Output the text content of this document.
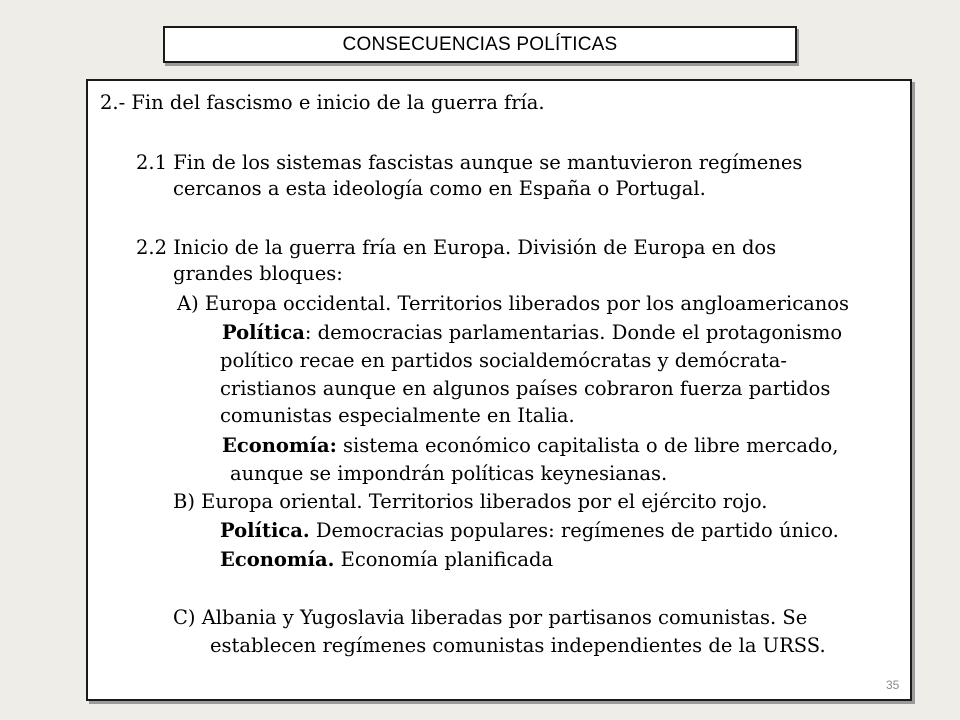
CONSECUENCIAS POLÍTICAS
2.- Fin del fascismo e inicio de la guerra fría.
2.1 Fin de los sistemas fascistas aunque se mantuvieron regímenes
cercanos a esta ideología como en España o Portugal.
2.2 Inicio de la guerra fría en Europa. División de Europa en dos
grandes bloques:
A) Europa occidental. Territorios liberados por los angloamericanos
Política: democracias parlamentarias. Donde el protagonismo
político recae en partidos socialdemócratas y demócrata-
cristianos aunque en algunos países cobraron fuerza partidos
comunistas especialmente en Italia.
Economía: sistema económico capitalista o de libre mercado,
aunque se impondrán políticas keynesianas.
B) Europa oriental. Territorios liberados por el ejército rojo.
Política. Democracias populares: regímenes de partido único.
Economía. Economía planificada
C) Albania y Yugoslavia liberadas por partisanos comunistas. Se
establecen regímenes comunistas independientes de la URSS.
35
